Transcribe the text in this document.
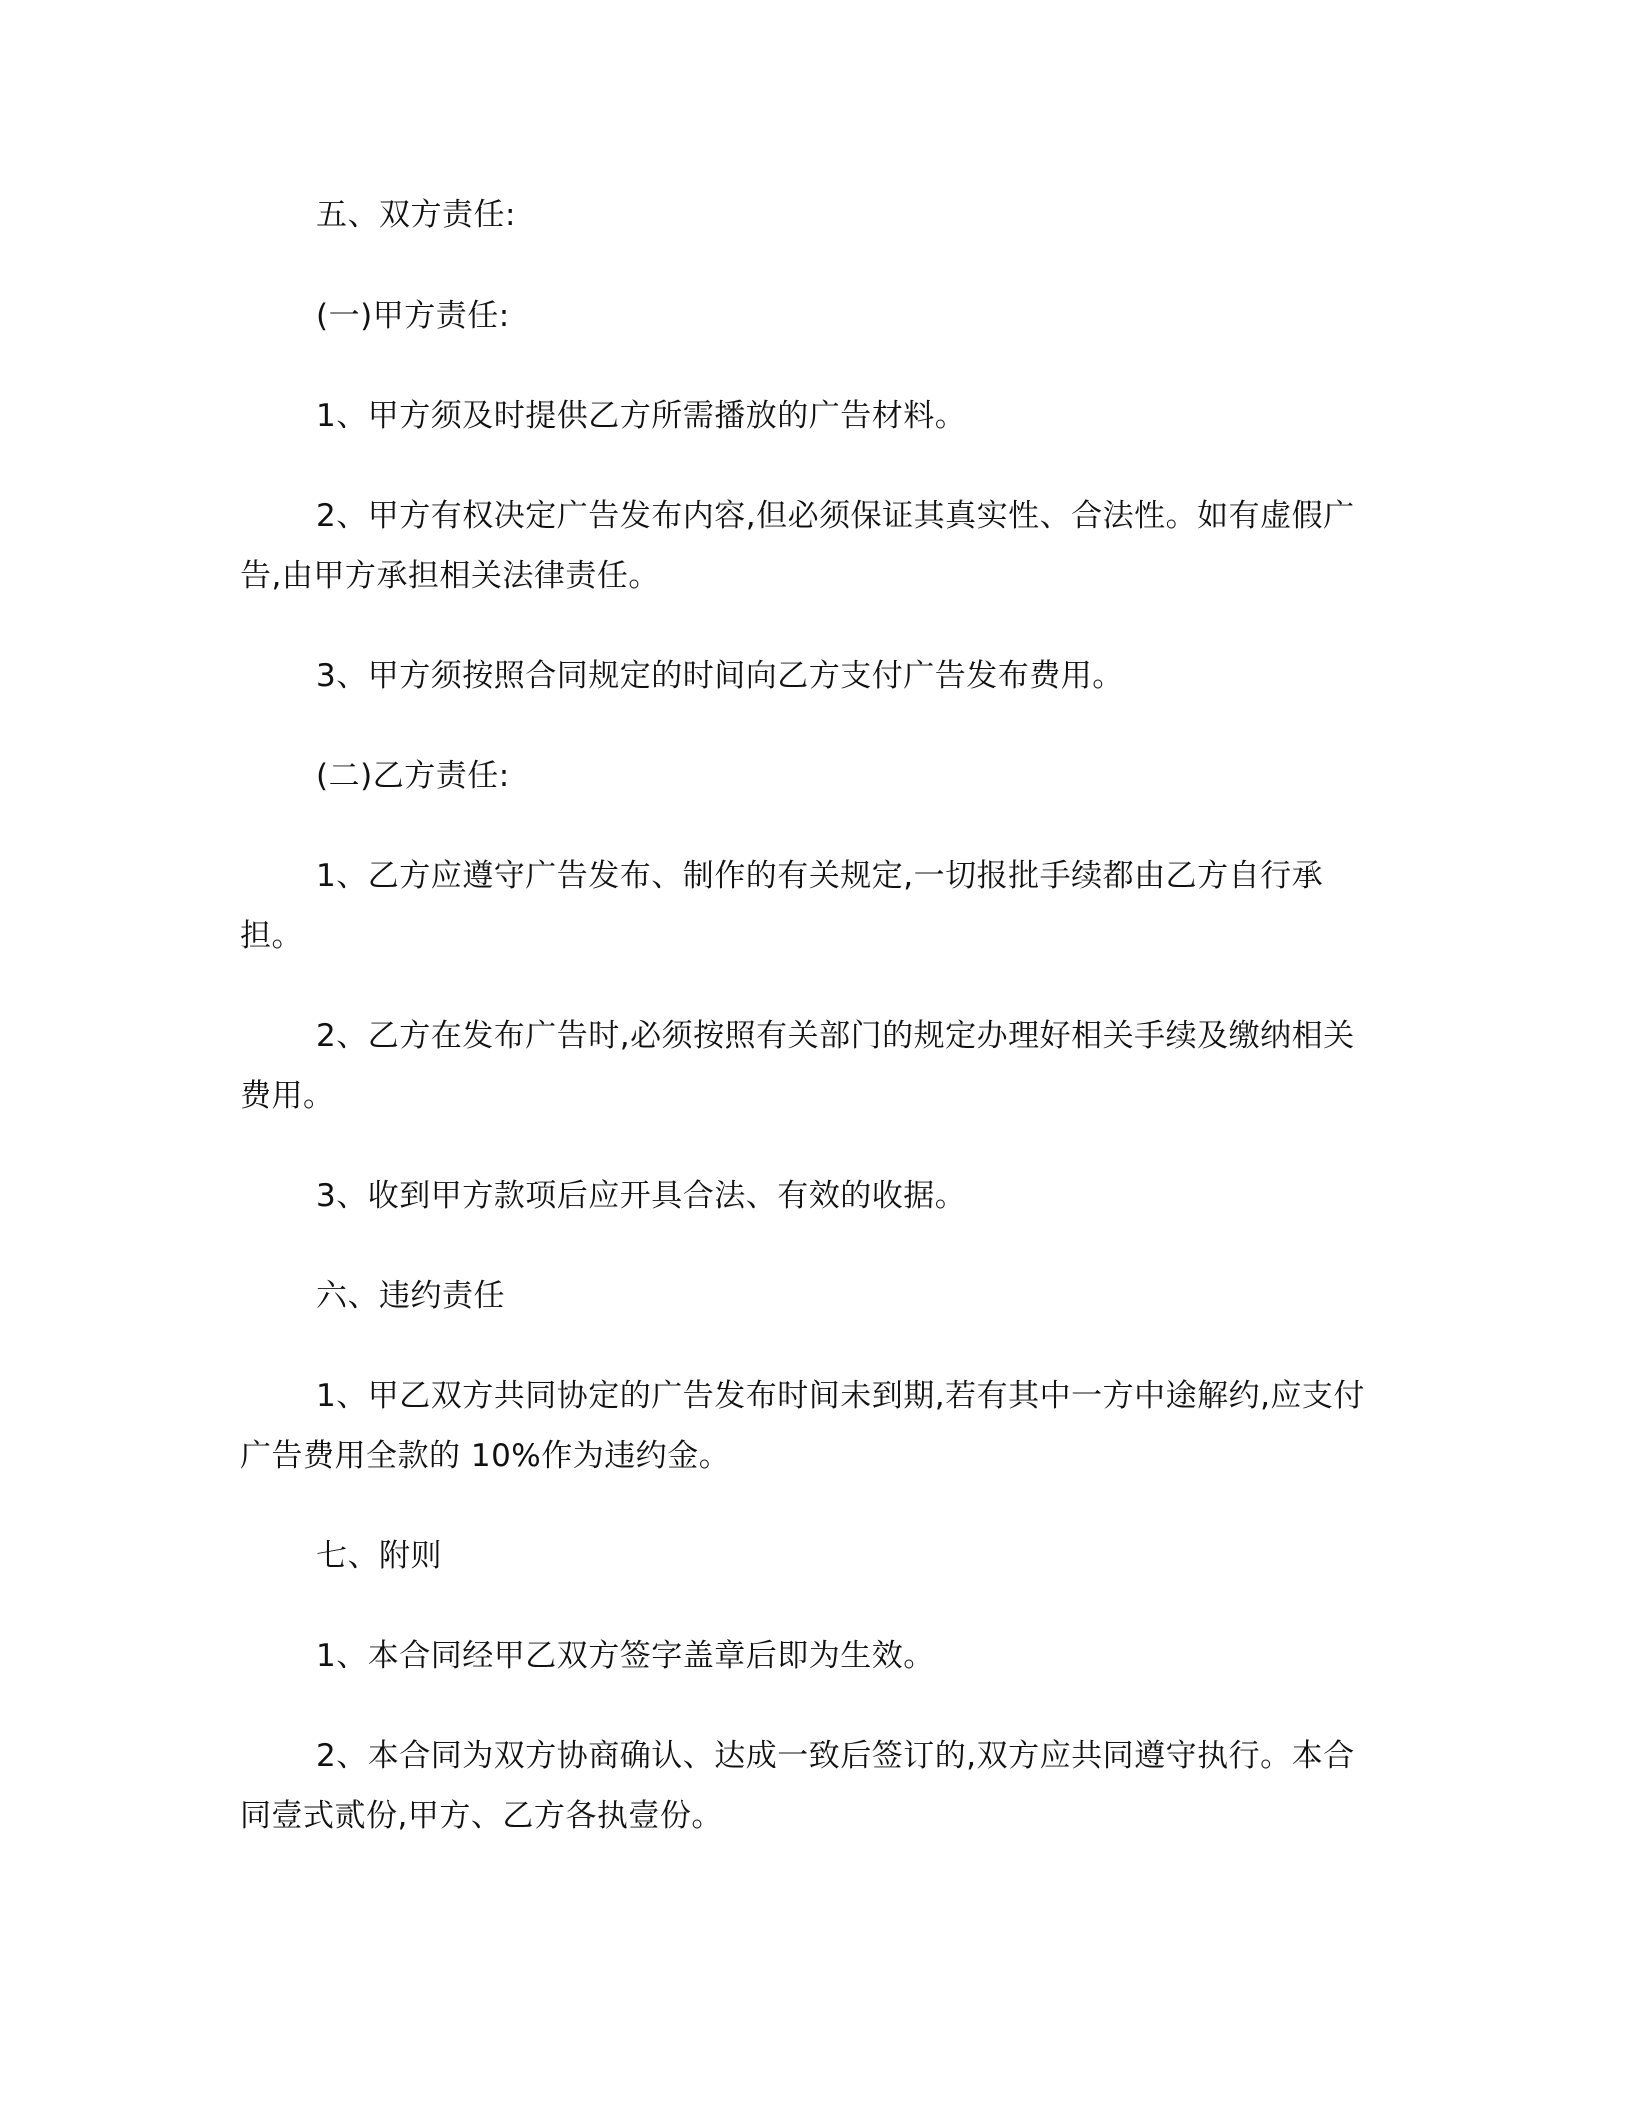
五、双方责任:

(一)甲方责任:

1、甲方须及时提供乙方所需播放的广告材料。

2、甲方有权决定广告发布内容,但必须保证其真实性、合法性。如有虚假广告,由甲方承担相关法律责任。

3、甲方须按照合同规定的时间向乙方支付广告发布费用。

(二)乙方责任:

1、乙方应遵守广告发布、制作的有关规定,一切报批手续都由乙方自行承担。

2、乙方在发布广告时,必须按照有关部门的规定办理好相关手续及缴纳相关费用。

3、收到甲方款项后应开具合法、有效的收据。

六、违约责任

1、甲乙双方共同协定的广告发布时间未到期,若有其中一方中途解约,应支付广告费用全款的 10%作为违约金。

七、附则

1、本合同经甲乙双方签字盖章后即为生效。

2、本合同为双方协商确认、达成一致后签订的,双方应共同遵守执行。本合同壹式贰份,甲方、乙方各执壹份。
